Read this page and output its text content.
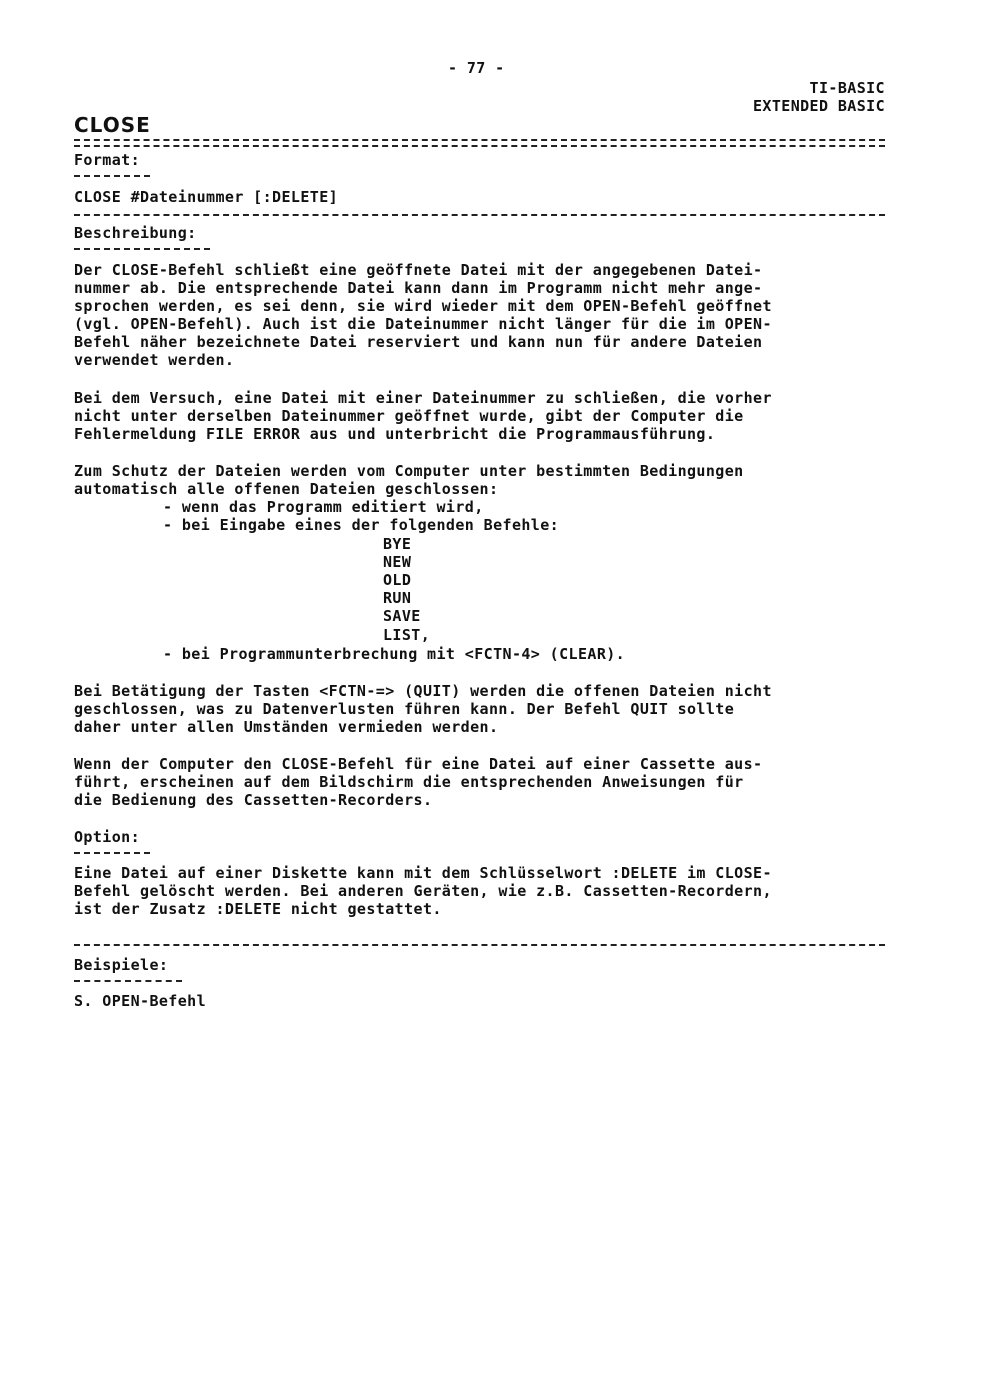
- 77 -
TI-BASIC
EXTENDED BASIC
CLOSE
Format:
CLOSE #Dateinummer [:DELETE]
Beschreibung:
Der CLOSE-Befehl schließt eine geöffnete Datei mit der angegebenen Datei-
nummer ab. Die entsprechende Datei kann dann im Programm nicht mehr ange-
sprochen werden, es sei denn, sie wird wieder mit dem OPEN-Befehl geöffnet
(vgl. OPEN-Befehl). Auch ist die Dateinummer nicht länger für die im OPEN-
Befehl näher bezeichnete Datei reserviert und kann nun für andere Dateien
verwendet werden.
Bei dem Versuch, eine Datei mit einer Dateinummer zu schließen, die vorher
nicht unter derselben Dateinummer geöffnet wurde, gibt der Computer die
Fehlermeldung FILE ERROR aus und unterbricht die Programmausführung.
Zum Schutz der Dateien werden vom Computer unter bestimmten Bedingungen
automatisch alle offenen Dateien geschlossen:
- wenn das Programm editiert wird,
- bei Eingabe eines der folgenden Befehle:
BYE
NEW
OLD
RUN
SAVE
LIST,
- bei Programmunterbrechung mit <FCTN-4> (CLEAR).
Bei Betätigung der Tasten <FCTN-=> (QUIT) werden die offenen Dateien nicht
geschlossen, was zu Datenverlusten führen kann. Der Befehl QUIT sollte
daher unter allen Umständen vermieden werden.
Wenn der Computer den CLOSE-Befehl für eine Datei auf einer Cassette aus-
führt, erscheinen auf dem Bildschirm die entsprechenden Anweisungen für
die Bedienung des Cassetten-Recorders.
Option:
Eine Datei auf einer Diskette kann mit dem Schlüsselwort :DELETE im CLOSE-
Befehl gelöscht werden. Bei anderen Geräten, wie z.B. Cassetten-Recordern,
ist der Zusatz :DELETE nicht gestattet.
Beispiele:
S. OPEN-Befehl
